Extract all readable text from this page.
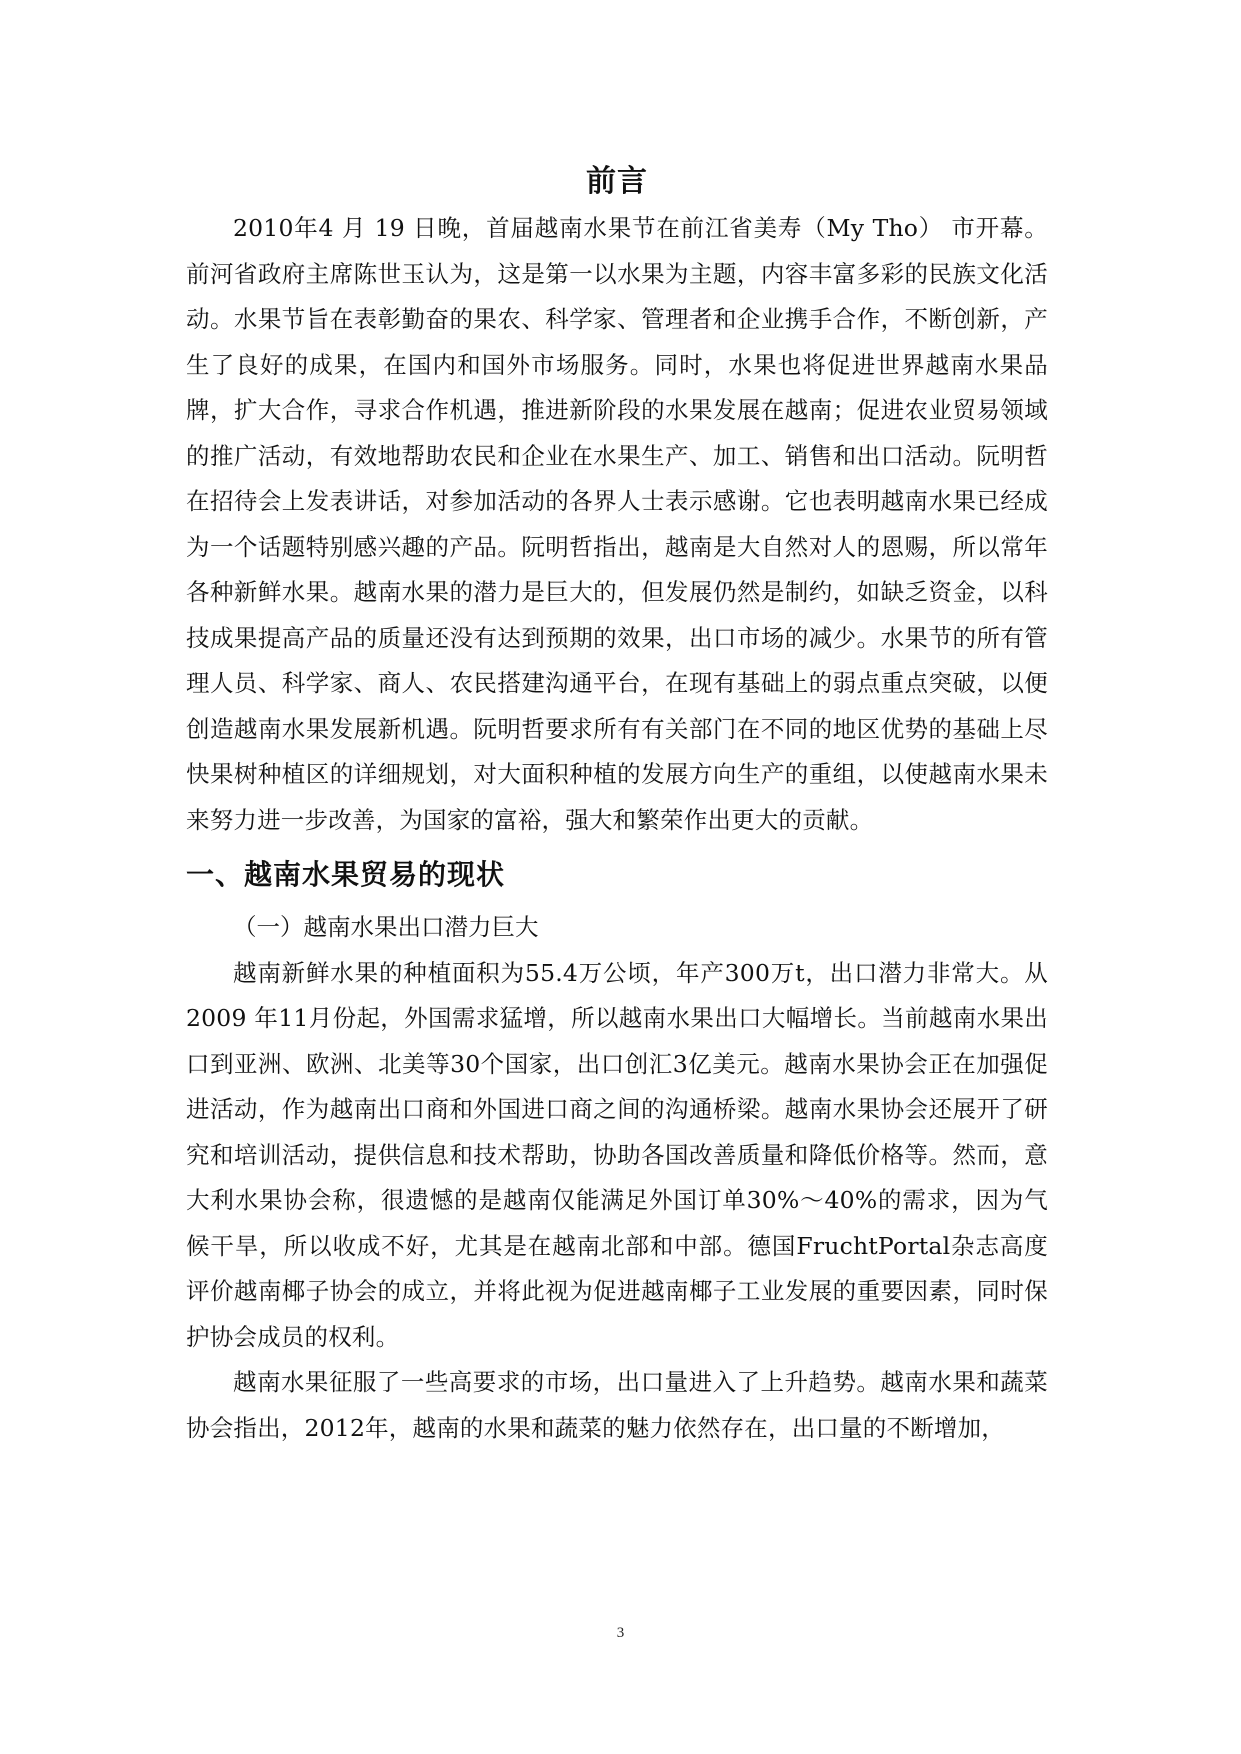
前言

2010年4 月 19 日晚，首届越南水果节在前江省美寿（My Tho） 市开幕。前河省政府主席陈世玉认为，这是第一以水果为主题，内容丰富多彩的民族文化活动。水果节旨在表彰勤奋的果农、科学家、管理者和企业携手合作，不断创新，产生了良好的成果，在国内和国外市场服务。同时，水果也将促进世界越南水果品牌，扩大合作，寻求合作机遇，推进新阶段的水果发展在越南；促进农业贸易领域的推广活动，有效地帮助农民和企业在水果生产、加工、销售和出口活动。阮明哲在招待会上发表讲话，对参加活动的各界人士表示感谢。它也表明越南水果已经成为一个话题特别感兴趣的产品。阮明哲指出，越南是大自然对人的恩赐，所以常年各种新鲜水果。越南水果的潜力是巨大的，但发展仍然是制约，如缺乏资金，以科技成果提高产品的质量还没有达到预期的效果，出口市场的减少。水果节的所有管理人员、科学家、商人、农民搭建沟通平台，在现有基础上的弱点重点突破，以便创造越南水果发展新机遇。阮明哲要求所有有关部门在不同的地区优势的基础上尽快果树种植区的详细规划，对大面积种植的发展方向生产的重组，以使越南水果未来努力进一步改善，为国家的富裕，强大和繁荣作出更大的贡献。

一、越南水果贸易的现状

（一）越南水果出口潜力巨大

越南新鲜水果的种植面积为55.4万公顷，年产300万t，出口潜力非常大。从2009 年11月份起，外国需求猛增，所以越南水果出口大幅增长。当前越南水果出口到亚洲、欧洲、北美等30个国家，出口创汇3亿美元。越南水果协会正在加强促进活动，作为越南出口商和外国进口商之间的沟通桥梁。越南水果协会还展开了研究和培训活动，提供信息和技术帮助，协助各国改善质量和降低价格等。然而，意大利水果协会称，很遗憾的是越南仅能满足外国订单30%～40%的需求，因为气候干旱，所以收成不好，尤其是在越南北部和中部。德国FruchtPortal杂志高度评价越南椰子协会的成立，并将此视为促进越南椰子工业发展的重要因素，同时保护协会成员的权利。

越南水果征服了一些高要求的市场，出口量进入了上升趋势。越南水果和蔬菜协会指出，2012年，越南的水果和蔬菜的魅力依然存在，出口量的不断增加，

3
